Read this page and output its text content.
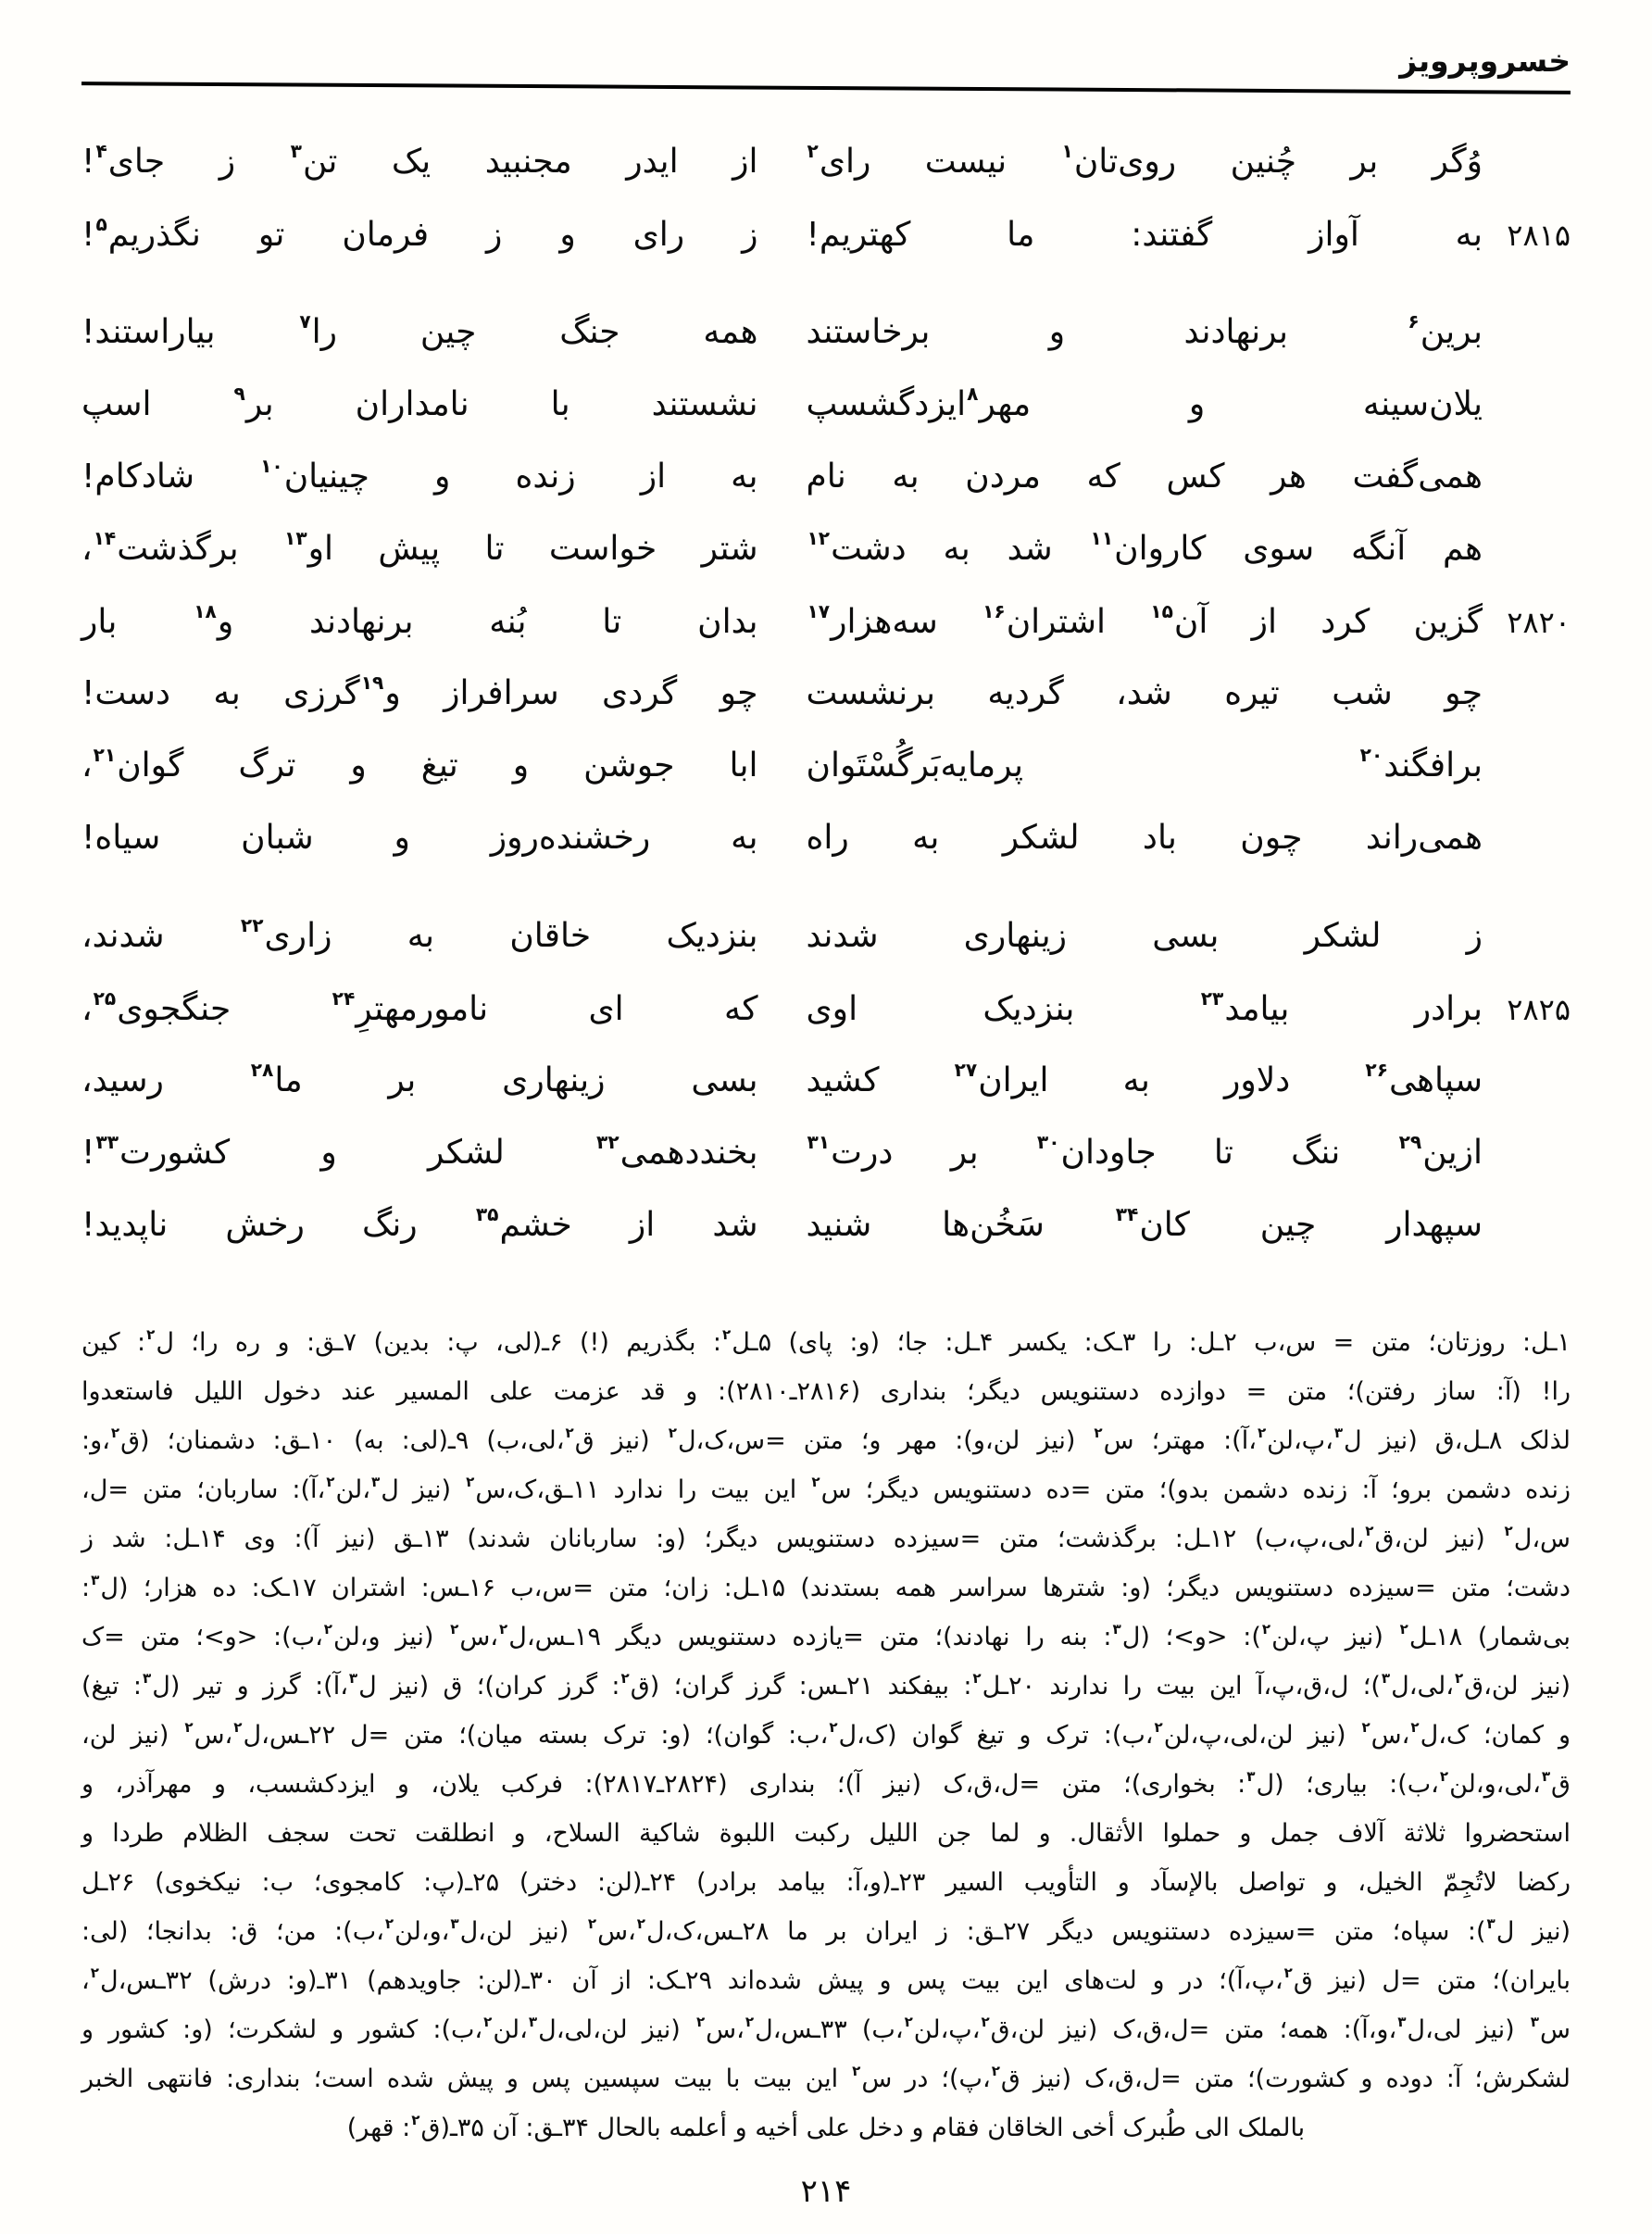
خسروپرویز
وُگر بر چُنین روی‌تان$^۱$ نیست رای$^۲$
از ایدر مجنبید یک تن$^۳$ ز جای$^۴$!
۲۸۱۵
به آواز گفتند: ما کهتریم!
ز رای و ز فرمان تو نگذریم$^۵$!
برین$^۶$ برنهادند و برخاستند
همه جنگ چین را$^۷$ بیاراستند!
یلان‌سینه و مهر$^۸$ایزدگشسپ
نشستند با نامداران بر$^۹$ اسپ
همی‌گفت هر کس که مردن به نام
به از زنده و چینیان$^{۱۰}$ شادکام!
هم آنگه سوی کاروان$^{۱۱}$ شد به دشت$^{۱۲}$
شتر خواست تا پیش او$^{۱۳}$ برگذشت$^{۱۴}$،
۲۸۲۰
گزین کرد از آن$^{۱۵}$ اشتران$^{۱۶}$ سه‌هزار$^{۱۷}$
بدان تا بُنه برنهادند و$^{۱۸}$ بار
چو شب تیره شد، گردیه برنشست
چو گردی سرافراز و$^{۱۹}$گرزی به دست!
برافگند$^{۲۰}$ پرمایه‌بَرگُسْتَوان
ابا جوشن و تیغ و ترگ گوان$^{۲۱}$،
همی‌راند چون باد لشکر به راه
به رخشنده‌روز و شبان سیاه!
ز لشکر بسی زینهاری شدند
بنزدیک خاقان به زاری$^{۲۲}$ شدند،
۲۸۲۵
برادر بیامد$^{۲۳}$ بنزدیک اوی
که ای نامورمهترِ$^{۲۴}$ جنگجوی$^{۲۵}$،
سپاهی$^{۲۶}$ دلاور به ایران$^{۲۷}$ کشید
بسی زینهاری بر ما$^{۲۸}$ رسید،
ازین$^{۲۹}$ ننگ تا جاودان$^{۳۰}$ بر درت$^{۳۱}$
بخنددهمی$^{۳۲}$ لشکر و کشورت$^{۳۳}$!
سپهدار چین کان$^{۳۴}$ سَخُن‌ها شنید
شد از خشم$^{۳۵}$ رنگ رخش ناپدید!
۱ـل: روزتان؛ متن = س،ب ۲ـل: را ۳ـک: یکسر ۴ـل: جا؛ (و: پای) ۵ـل$^۲$: بگذریم (!) ۶ـ(لی، پ: بدین) ۷ـق: و ره را؛ ل$^۲$: کین
را! (آ: ساز رفتن)؛ متن = دوازده دستنویس دیگر؛ بنداری (۲۸۱۶ـ۲۸۱۰): و قد عزمت علی المسیر عند دخول اللیل فاستعدوا
لذلک ۸ـل،ق (نیز ل$^۳$،پ،لن$^۲$،آ): مهتر؛ س$^۲$ (نیز لن،و): مهر و؛ متن =س،ک،ل$^۲$ (نیز ق$^۲$،لی،ب) ۹ـ(لی: به) ۱۰ـق: دشمنان؛ (ق$^۲$،و:
زنده دشمن برو؛ آ: زنده دشمن بدو)؛ متن =ده دستنویس دیگر؛ س$^۲$ این بیت را ندارد ۱۱ـق،ک،س$^۲$ (نیز ل$^۳$،لن$^۲$،آ): ساربان؛ متن =ل،
س،ل$^۲$ (نیز لن،ق$^۲$،لی،پ،ب) ۱۲ـل: برگذشت؛ متن =سیزده دستنویس دیگر؛ (و: ساربانان شدند) ۱۳ـق (نیز آ): وی ۱۴ـل: شد ز
دشت؛ متن =سیزده دستنویس دیگر؛ (و: شترها سراسر همه بستدند) ۱۵ـل: زان؛ متن =س،ب ۱۶ـس: اشتران ۱۷ـک: ده هزار؛ (ل$^۳$:
بی‌شمار) ۱۸ـل$^۲$ (نیز پ،لن$^۲$): <و>؛ (ل$^۳$: بنه را نهادند)؛ متن =یازده دستنویس دیگر ۱۹ـس،ل$^۲$،س$^۲$ (نیز و،لن$^۲$،ب): <و>؛ متن =ک
(نیز لن،ق$^۲$،لی،ل$^۳$)؛ ل،ق،پ،آ این بیت را ندارند ۲۰ـل$^۲$: بیفکند ۲۱ـس: گرز گران؛ (ق$^۲$: گرز کران)؛ ق (نیز ل$^۳$،آ): گرز و تیر (ل$^۳$: تیغ)
و کمان؛ ک،ل$^۲$،س$^۲$ (نیز لن،لی،پ،لن$^۲$،ب): ترک و تیغ گوان (ک،ل$^۲$،ب: گوان)؛ (و: ترک بسته میان)؛ متن =ل ۲۲ـس،ل$^۲$،س$^۲$ (نیز لن،
ق$^۳$،لی،و،لن$^۲$،ب): بیاری؛ (ل$^۳$: بخواری)؛ متن =ل،ق،ک (نیز آ)؛ بنداری (۲۸۲۴ـ۲۸۱۷): فرکب یلان، و ایزدکشسب، و مهرآذر، و
استحضروا ثلاثة آلاف جمل و حملوا الأثقال. و لما جن اللیل رکبت اللبوة شاکیة السلاح، و انطلقت تحت سجف الظلام طردا و
رکضا لاتُجِمّ الخیل، و تواصل بالإسآد و التأویب السیر ۲۳ـ(و،آ: بیامد برادر) ۲۴ـ(لن: دختر) ۲۵ـ(پ: کامجوی؛ ب: نیکخوی) ۲۶ـل
(نیز ل$^۳$): سپاه؛ متن =سیزده دستنویس دیگر ۲۷ـق: ز ایران بر ما ۲۸ـس،ک،ل$^۲$،س$^۲$ (نیز لن،ل$^۳$،و،لن$^۲$،ب): من؛ ق: بدانجا؛ (لی:
بایران)؛ متن =ل (نیز ق$^۲$،پ،آ)؛ در و لت‌های این بیت پس و پیش شده‌اند ۲۹ـک: از آن ۳۰ـ(لن: جاویدهم) ۳۱ـ(و: درش) ۳۲ـس،ل$^۲$،
س$^۳$ (نیز لی،ل$^۳$،و،آ): همه؛ متن =ل،ق،ک (نیز لن،ق$^۲$،پ،لن$^۲$،ب) ۳۳ـس،ل$^۲$،س$^۲$ (نیز لن،لی،ل$^۳$،لن$^۲$،ب): کشور و لشکرت؛ (و: کشور و
لشکرش؛ آ: دوده و کشورت)؛ متن =ل،ق،ک (نیز ق$^۲$،پ)؛ در س$^۲$ این بیت با بیت سپسین پس و پیش شده است؛ بنداری: فانتهی الخبر
بالملک الی طُبرک أخی الخاقان فقام و دخل علی أخیه و أعلمه بالحال ۳۴ـق: آن ۳۵ـ(ق$^۲$: قهر)
۲۱۴
